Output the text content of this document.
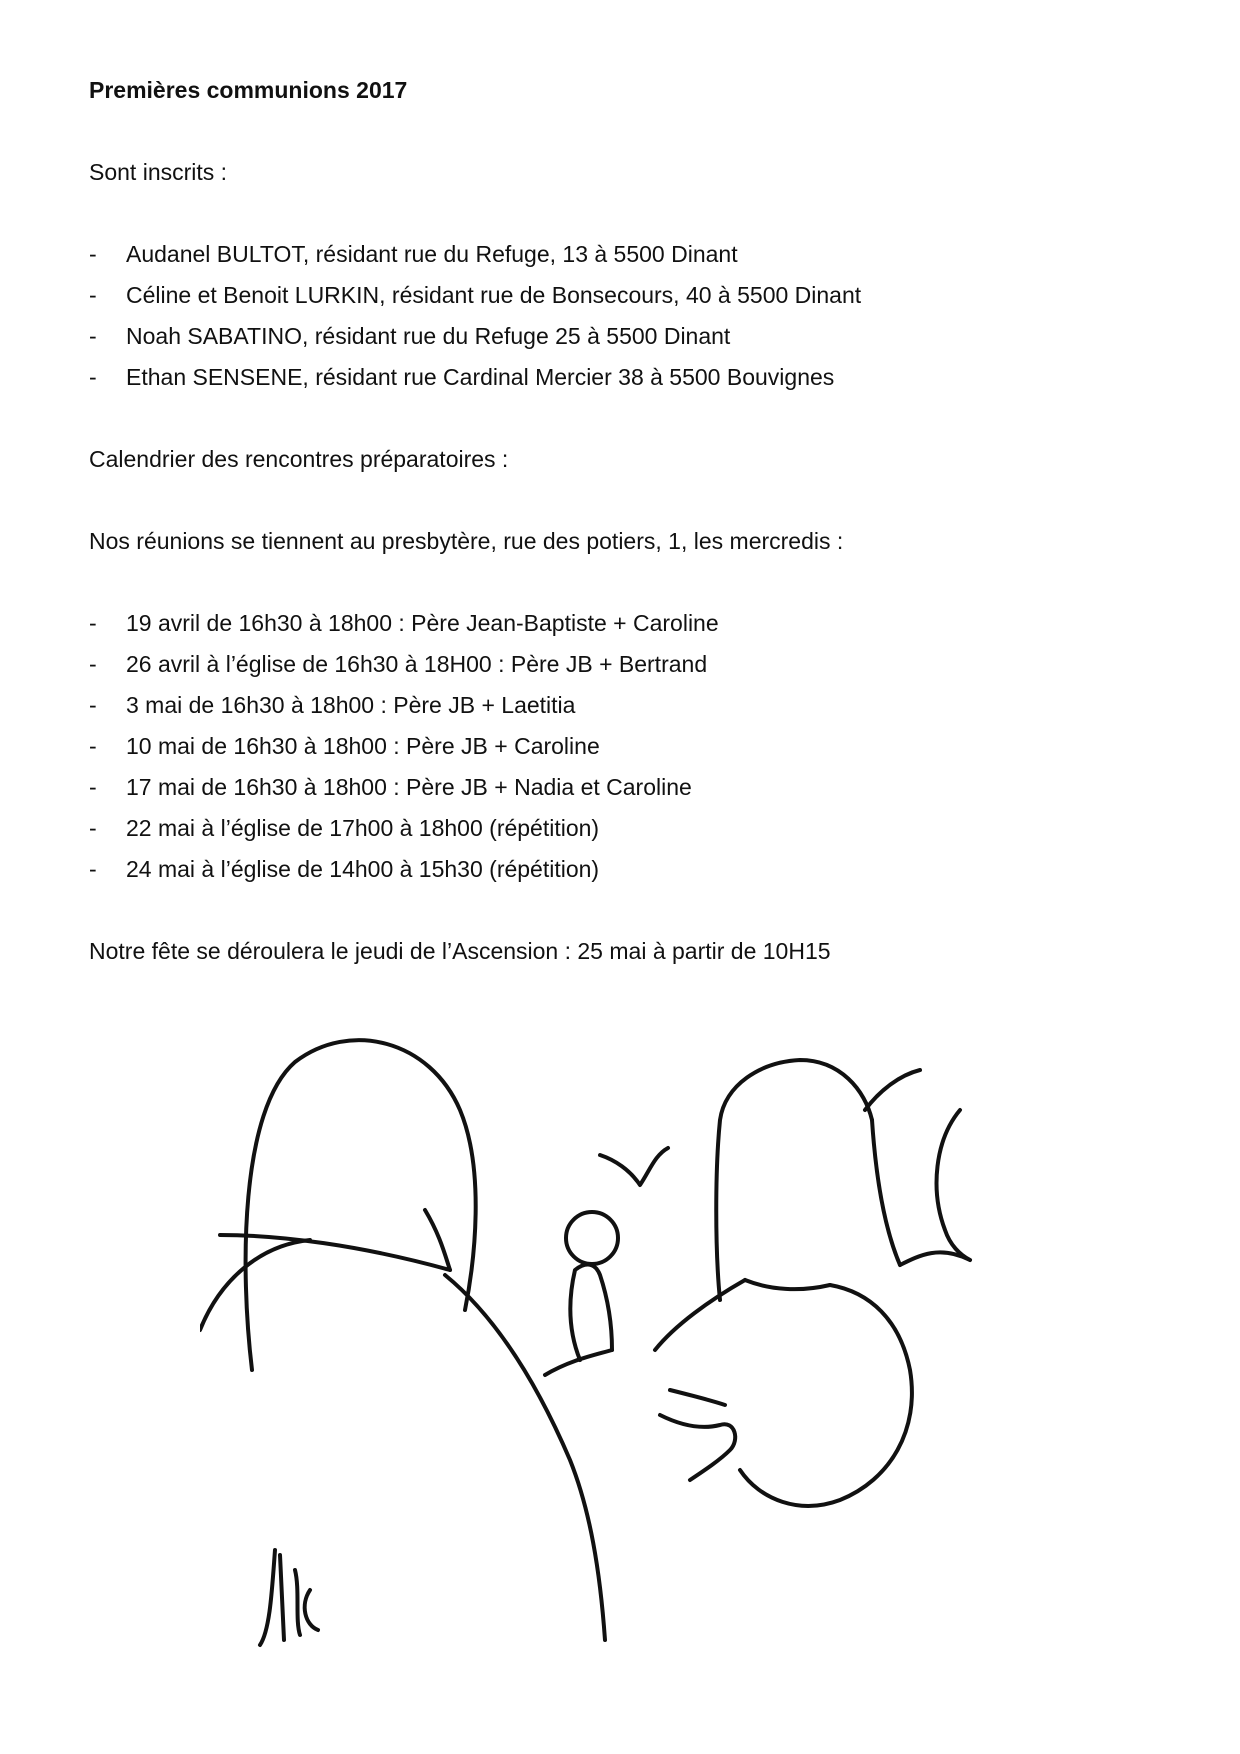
Premières communions 2017

Sont inscrits :

- Audanel BULTOT, résidant rue du Refuge, 13 à 5500 Dinant
- Céline et Benoit LURKIN, résidant rue de Bonsecours, 40 à 5500 Dinant
- Noah SABATINO, résidant rue du Refuge 25 à 5500 Dinant
- Ethan SENSENE, résidant rue Cardinal Mercier 38 à 5500 Bouvignes

Calendrier des rencontres préparatoires :

Nos réunions se tiennent au presbytère, rue des potiers, 1, les mercredis :

- 19 avril de 16h30 à 18h00 : Père Jean-Baptiste + Caroline
- 26 avril à l’église de 16h30 à 18H00 : Père JB + Bertrand
- 3 mai de 16h30 à 18h00 : Père JB + Laetitia
- 10 mai de 16h30 à 18h00 : Père JB + Caroline
- 17 mai de 16h30 à 18h00 : Père JB + Nadia et Caroline
- 22 mai à l’église de 17h00 à 18h00 (répétition)
- 24 mai à l’église de 14h00 à 15h30 (répétition)

Notre fête se déroulera le jeudi de l’Ascension : 25 mai à partir de 10H15
